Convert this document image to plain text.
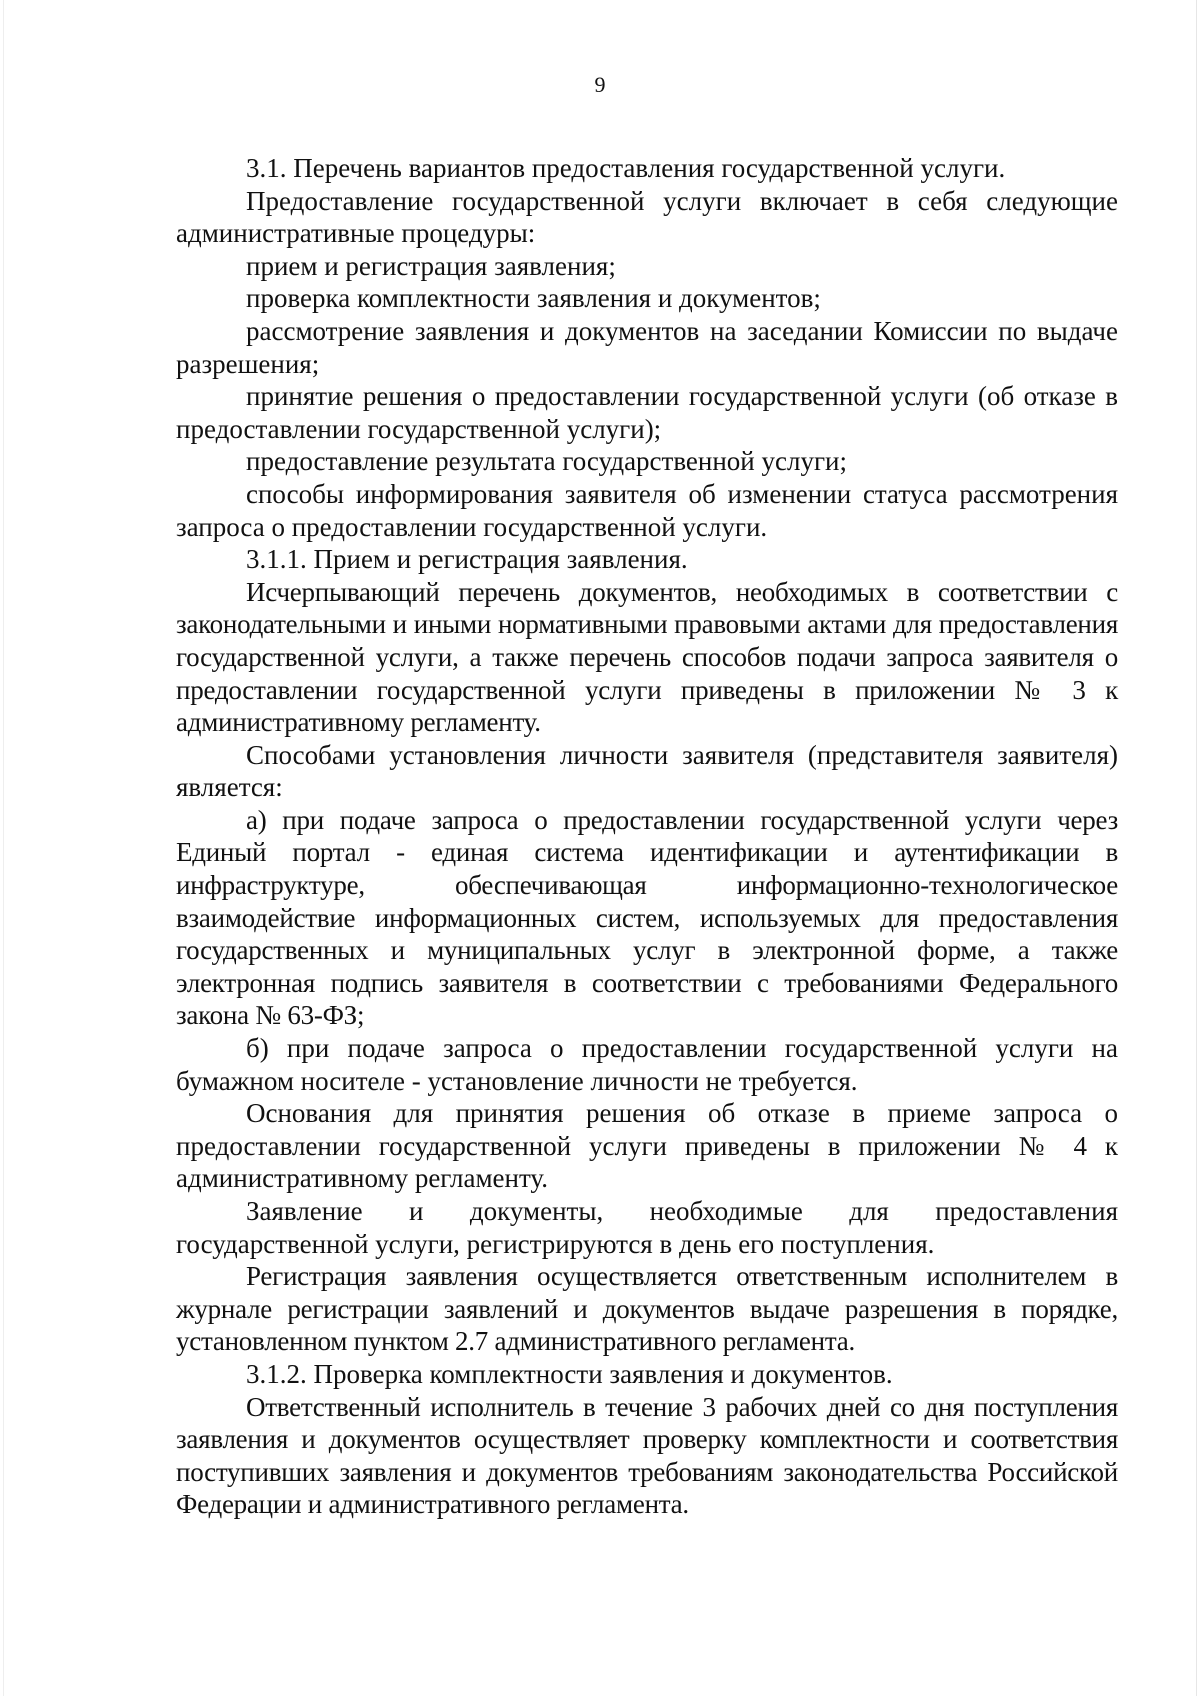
9

3.1. Перечень вариантов предоставления государственной услуги.

Предоставление государственной услуги включает в себя следующие административные процедуры:

прием и регистрация заявления;

проверка комплектности заявления и документов;

рассмотрение заявления и документов на заседании Комиссии по выдаче разрешения;

принятие решения о предоставлении государственной услуги (об отказе в предоставлении государственной услуги);

предоставление результата государственной услуги;

способы информирования заявителя об изменении статуса рассмотрения запроса о предоставлении государственной услуги.

3.1.1. Прием и регистрация заявления.

Исчерпывающий перечень документов, необходимых в соответствии с законодательными и иными нормативными правовыми актами для предоставления государственной услуги, а также перечень способов подачи запроса заявителя о предоставлении государственной услуги приведены в приложении № 3 к административному регламенту.

Способами установления личности заявителя (представителя заявителя) является:

а) при подаче запроса о предоставлении государственной услуги через Единый портал - единая система идентификации и аутентификации в инфраструктуре, обеспечивающая информационно-технологическое взаимодействие информационных систем, используемых для предоставления государственных и муниципальных услуг в электронной форме, а также электронная подпись заявителя в соответствии с требованиями Федерального закона № 63-ФЗ;

б) при подаче запроса о предоставлении государственной услуги на бумажном носителе - установление личности не требуется.

Основания для принятия решения об отказе в приеме запроса о предоставлении государственной услуги приведены в приложении № 4 к административному регламенту.

Заявление и документы, необходимые для предоставления государственной услуги, регистрируются в день его поступления.

Регистрация заявления осуществляется ответственным исполнителем в журнале регистрации заявлений и документов выдаче разрешения в порядке, установленном пунктом 2.7 административного регламента.

3.1.2. Проверка комплектности заявления и документов.

Ответственный исполнитель в течение 3 рабочих дней со дня поступления заявления и документов осуществляет проверку комплектности и соответствия поступивших заявления и документов требованиям законодательства Российской Федерации и административного регламента.
